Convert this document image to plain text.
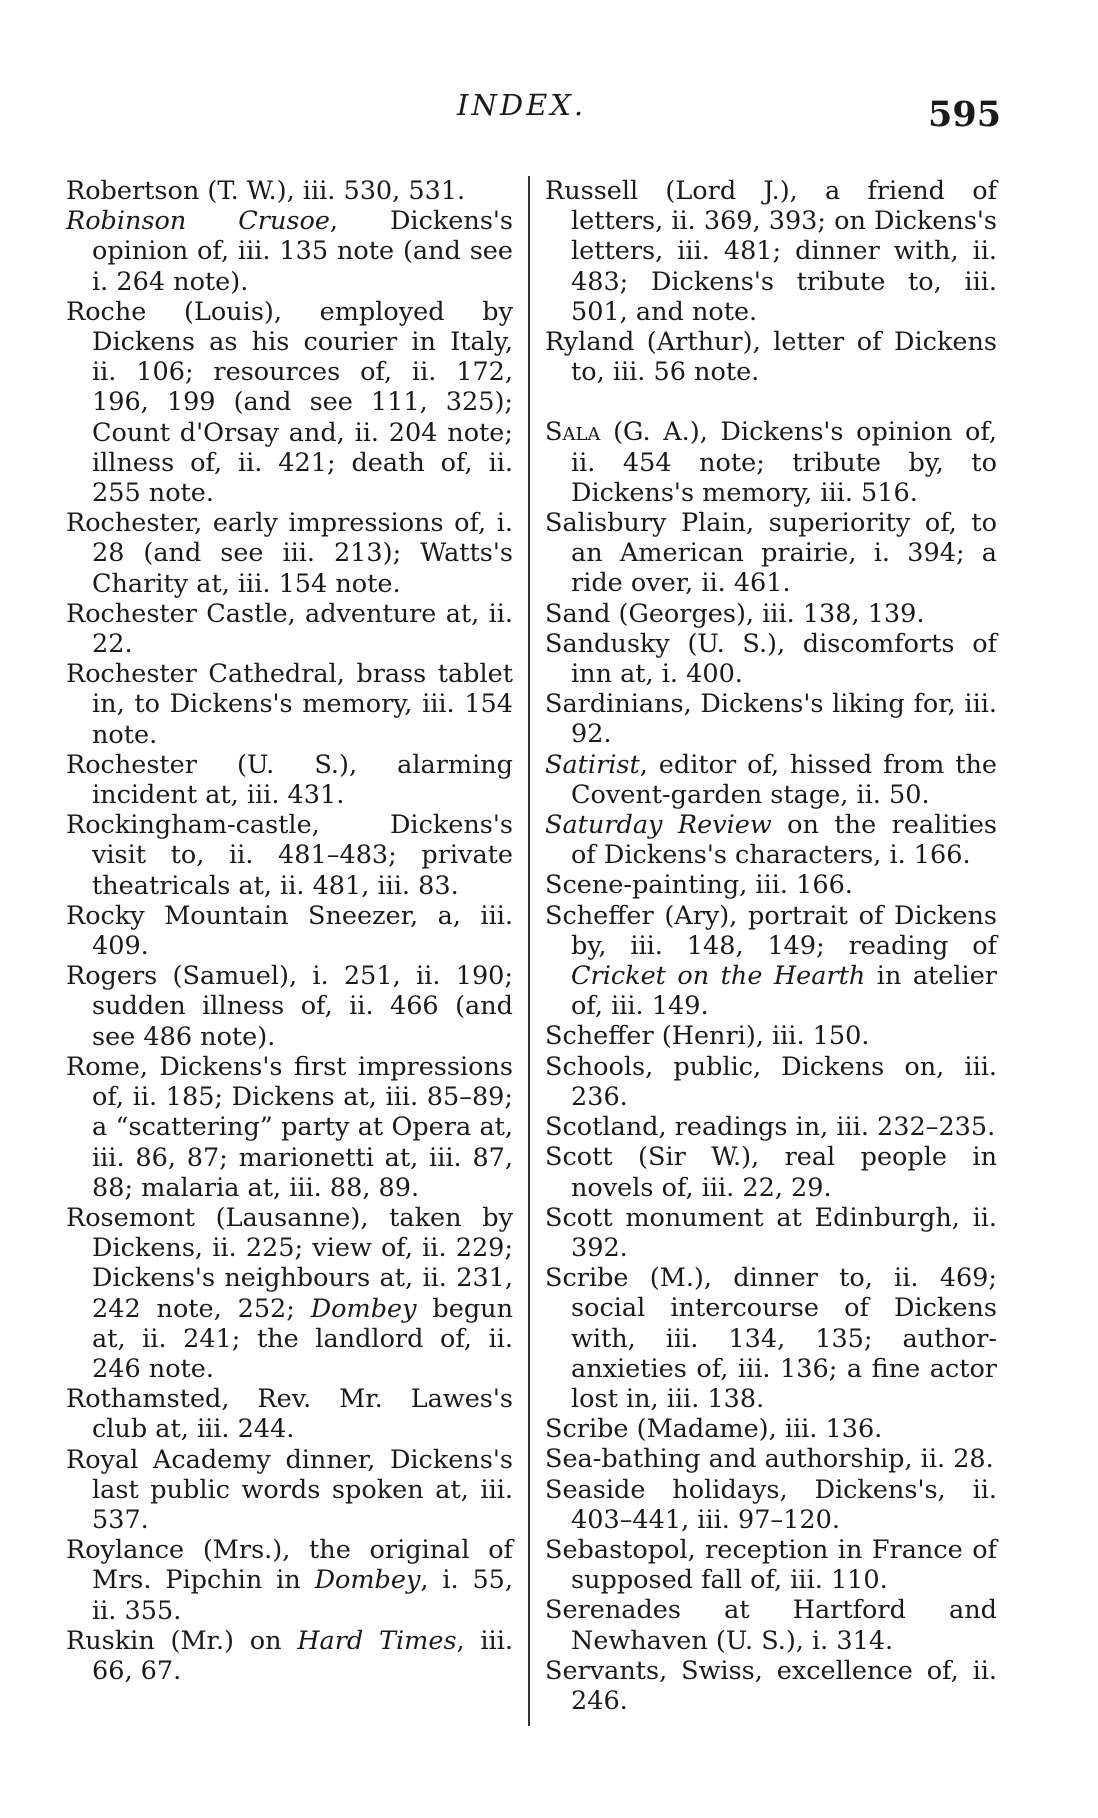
INDEX.	595

Robertson (T. W.), iii. 530, 531.

Robinson Crusoe, Dickens's opinion of, iii. 135 note (and see i. 264 note).

Roche (Louis), employed by Dickens as his courier in Italy, ii. 106; resources of, ii. 172, 196, 199 (and see 111, 325); Count d'Orsay and, ii. 204 note; illness of, ii. 421; death of, ii. 255 note.

Rochester, early impressions of, i. 28 (and see iii. 213); Watts's Charity at, iii. 154 note.

Rochester Castle, adventure at, ii. 22.

Rochester Cathedral, brass tablet in, to Dickens's memory, iii. 154 note.

Rochester (U. S.), alarming incident at, iii. 431.

Rockingham-castle, Dickens's visit to, ii. 481–483; private theatricals at, ii. 481, iii. 83.

Rocky Mountain Sneezer, a, iii. 409.

Rogers (Samuel), i. 251, ii. 190; sudden illness of, ii. 466 (and see 486 note).

Rome, Dickens's first impressions of, ii. 185; Dickens at, iii. 85–89; a “scattering” party at Opera at, iii. 86, 87; marionetti at, iii. 87, 88; malaria at, iii. 88, 89.

Rosemont (Lausanne), taken by Dickens, ii. 225; view of, ii. 229; Dickens's neighbours at, ii. 231, 242 note, 252; Dombey begun at, ii. 241; the landlord of, ii. 246 note.

Rothamsted, Rev. Mr. Lawes's club at, iii. 244.

Royal Academy dinner, Dickens's last public words spoken at, iii. 537.

Roylance (Mrs.), the original of Mrs. Pipchin in Dombey, i. 55, ii. 355.

Ruskin (Mr.) on Hard Times, iii. 66, 67.

Russell (Lord J.), a friend of letters, ii. 369, 393; on Dickens's letters, iii. 481; dinner with, ii. 483; Dickens's tribute to, iii. 501, and note.

Ryland (Arthur), letter of Dickens to, iii. 56 note.

Sala (G. A.), Dickens's opinion of, ii. 454 note; tribute by, to Dickens's memory, iii. 516.

Salisbury Plain, superiority of, to an American prairie, i. 394; a ride over, ii. 461.

Sand (Georges), iii. 138, 139.

Sandusky (U. S.), discomforts of inn at, i. 400.

Sardinians, Dickens's liking for, iii. 92.

Satirist, editor of, hissed from the Covent-garden stage, ii. 50.

Saturday Review on the realities of Dickens's characters, i. 166.

Scene-painting, iii. 166.

Scheffer (Ary), portrait of Dickens by, iii. 148, 149; reading of Cricket on the Hearth in atelier of, iii. 149.

Scheffer (Henri), iii. 150.

Schools, public, Dickens on, iii. 236.

Scotland, readings in, iii. 232–235.

Scott (Sir W.), real people in novels of, iii. 22, 29.

Scott monument at Edinburgh, ii. 392.

Scribe (M.), dinner to, ii. 469; social intercourse of Dickens with, iii. 134, 135; author-anxieties of, iii. 136; a fine actor lost in, iii. 138.

Scribe (Madame), iii. 136.

Sea-bathing and authorship, ii. 28.

Seaside holidays, Dickens's, ii. 403–441, iii. 97–120.

Sebastopol, reception in France of supposed fall of, iii. 110.

Serenades at Hartford and Newhaven (U. S.), i. 314.

Servants, Swiss, excellence of, ii. 246.
